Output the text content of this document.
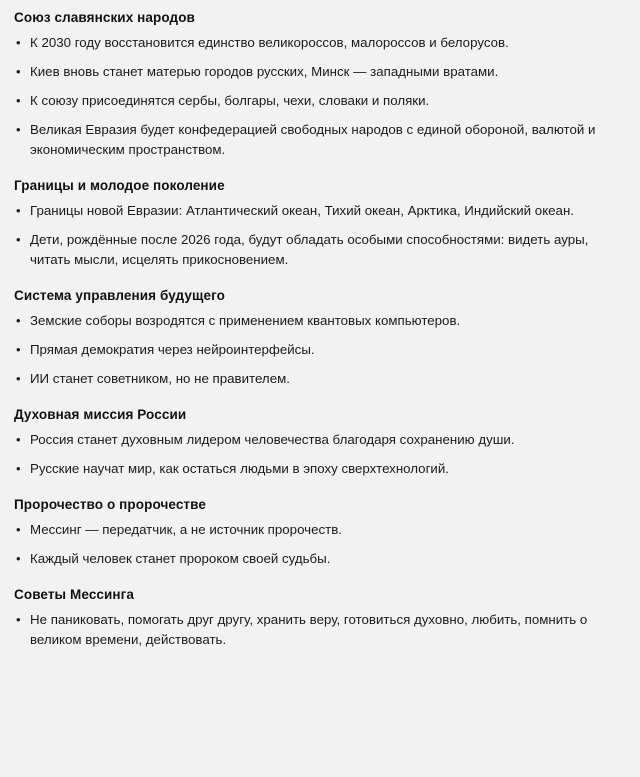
Союз славянских народов
• К 2030 году восстановится единство великороссов, малороссов и белорусов.
• Киев вновь станет матерью городов русских, Минск — западными вратами.
• К союзу присоединятся сербы, болгары, чехи, словаки и поляки.
• Великая Евразия будет конфедерацией свободных народов с единой обороной, валютой и экономическим пространством.
Границы и молодое поколение
• Границы новой Евразии: Атлантический океан, Тихий океан, Арктика, Индийский океан.
• Дети, рождённые после 2026 года, будут обладать особыми способностями: видеть ауры, читать мысли, исцелять прикосновением.
Система управления будущего
• Земские соборы возродятся с применением квантовых компьютеров.
• Прямая демократия через нейроинтерфейсы.
• ИИ станет советником, но не правителем.
Духовная миссия России
• Россия станет духовным лидером человечества благодаря сохранению души.
• Русские научат мир, как остаться людьми в эпоху сверхтехнологий.
Пророчество о пророчестве
• Мессинг — передатчик, а не источник пророчеств.
• Каждый человек станет пророком своей судьбы.
Советы Мессинга
• Не паниковать, помогать друг другу, хранить веру, готовиться духовно, любить, помнить о великом времени, действовать.
